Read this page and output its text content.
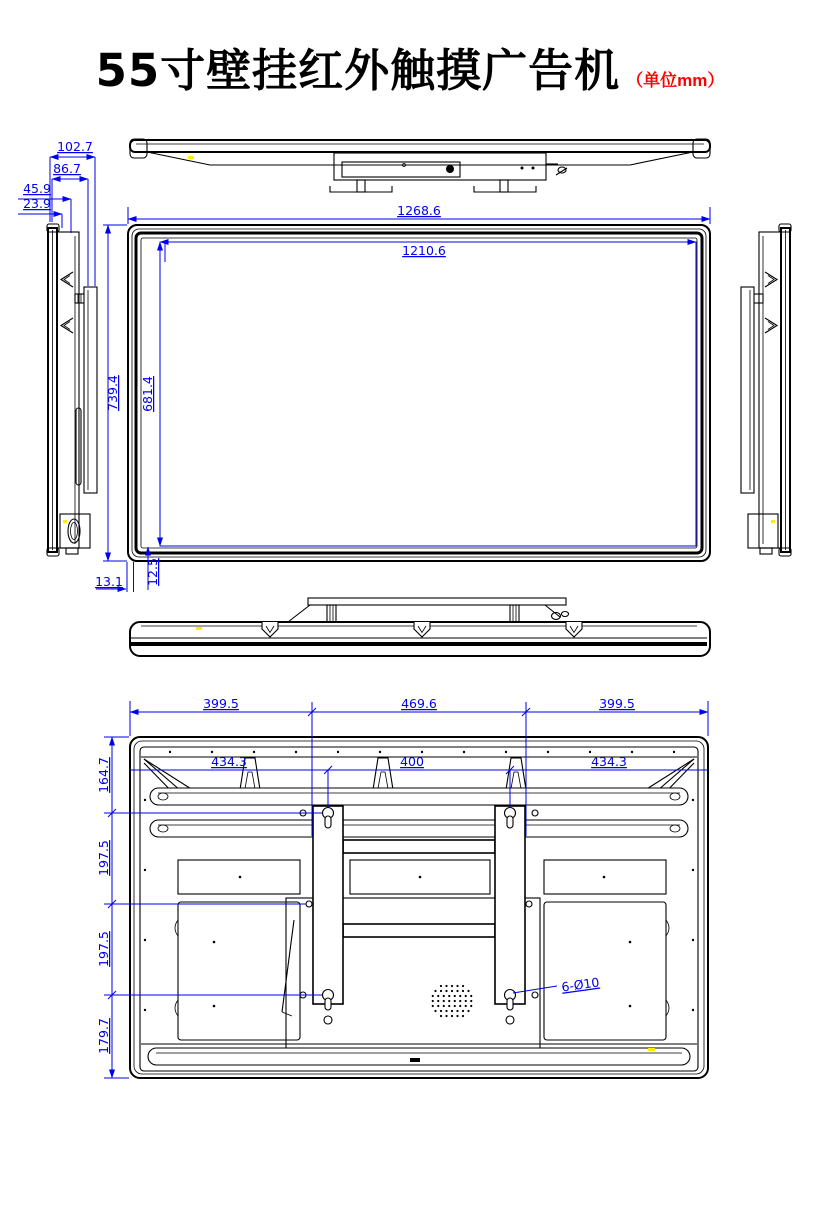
55寸壁挂红外触摸广告机 （单位mm）
1268.6
1210.6
739.4 681.4
13.1 12.5
102.7
86.7
45.9
23.9
399.5	469.6	399.5
434.3	400	434.3
164.7
197.5
197.5
179.7
6-Ø10
